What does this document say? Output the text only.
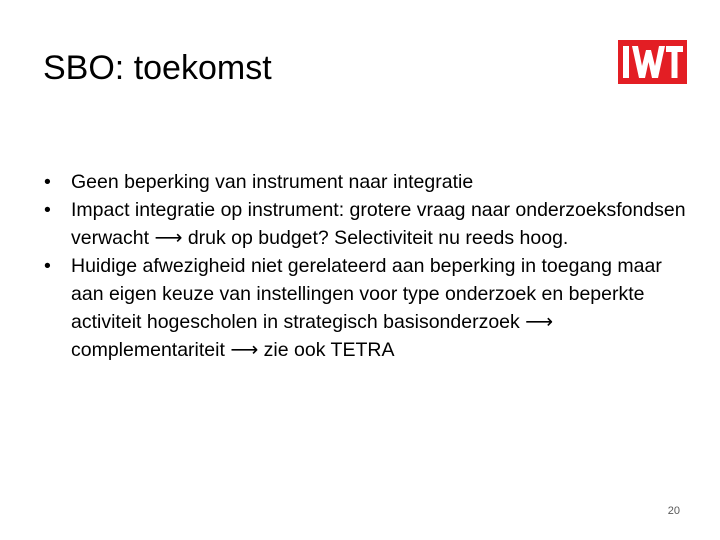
SBO: toekomst
• Geen beperking van instrument naar integratie
• Impact integratie op instrument: grotere vraag naar onderzoeksfondsen verwacht ⟶ druk op budget? Selectiviteit nu reeds hoog.
• Huidige afwezigheid niet gerelateerd aan beperking in toegang maar aan eigen keuze van instellingen voor type onderzoek en beperkte activiteit hogescholen in strategisch basisonderzoek ⟶ complementariteit ⟶ zie ook TETRA
20
